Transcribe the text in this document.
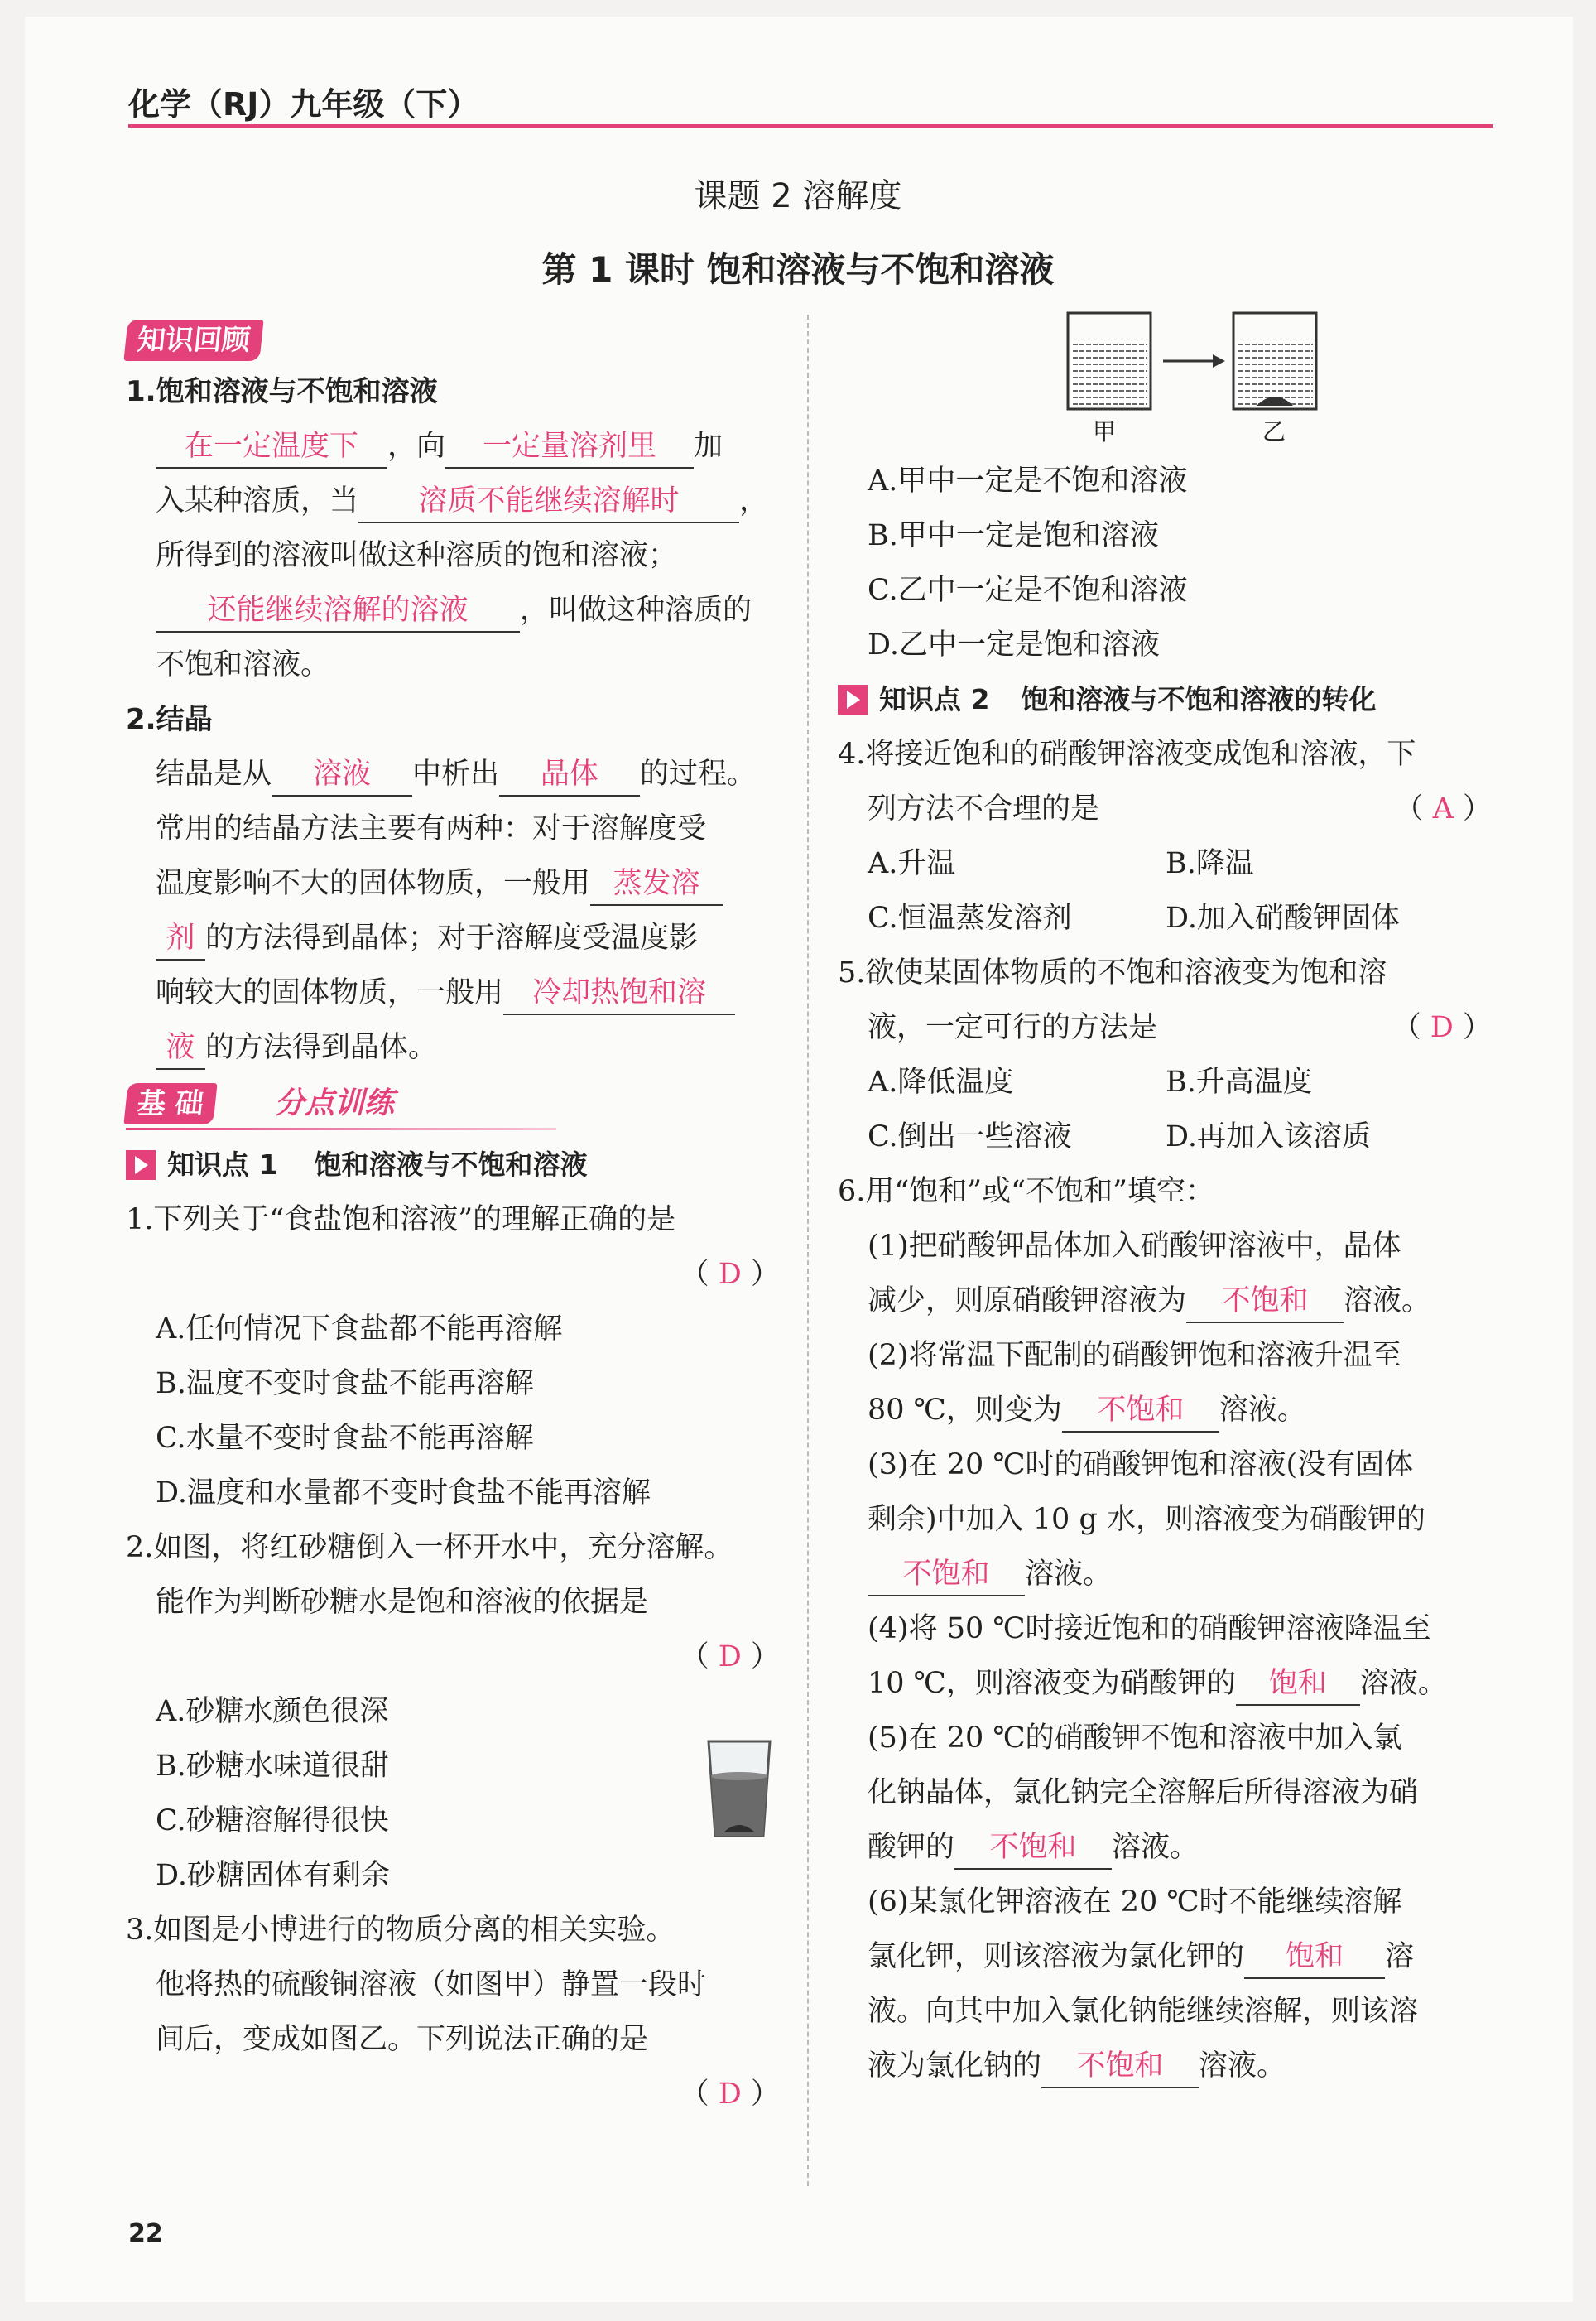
化学（RJ）九年级（下）
课题 2 溶解度
第 1 课时 饱和溶液与不饱和溶液
知识回顾

1.饱和溶液与不饱和溶液

在一定温度下 ，向 一定量溶剂里 加

入某种溶质，当 溶质不能继续溶解时 ，

所得到的溶液叫做这种溶质的饱和溶液；

还能继续溶解的溶液 ，叫做这种溶质的

不饱和溶液。

2.结晶

结晶是从 溶液 中析出 晶体 的过程。

常用的结晶方法主要有两种：对于溶解度受

温度影响不大的固体物质，一般用 蒸发溶

剂 的方法得到晶体；对于溶解度受温度影

响较大的固体物质，一般用 冷却热饱和溶

液 的方法得到晶体。

基 础	分点训练
知识点 1 饱和溶液与不饱和溶液

1.下列关于“食盐饱和溶液”的理解正确的是

（ D ）

A.任何情况下食盐都不能再溶解

B.温度不变时食盐不能再溶解

C.水量不变时食盐不能再溶解

D.温度和水量都不变时食盐不能再溶解

2.如图，将红砂糖倒入一杯开水中，充分溶解。

能作为判断砂糖水是饱和溶液的依据是

（ D ）

A.砂糖水颜色很深

B.砂糖水味道很甜

C.砂糖溶解得很快

D.砂糖固体有剩余

3.如图是小博进行的物质分离的相关实验。

他将热的硫酸铜溶液（如图甲）静置一段时

间后，变成如图乙。下列说法正确的是

（ D ）

甲	乙

A.甲中一定是不饱和溶液

B.甲中一定是饱和溶液

C.乙中一定是不饱和溶液

D.乙中一定是饱和溶液

知识点 2 饱和溶液与不饱和溶液的转化

4.将接近饱和的硝酸钾溶液变成饱和溶液，下

列方法不合理的是	（ A ）

A.升温	B.降温

C.恒温蒸发溶剂	D.加入硝酸钾固体

5.欲使某固体物质的不饱和溶液变为饱和溶

液，一定可行的方法是	（ D ）

A.降低温度	B.升高温度

C.倒出一些溶液	D.再加入该溶质

6.用“饱和”或“不饱和”填空：

(1)把硝酸钾晶体加入硝酸钾溶液中，晶体

减少，则原硝酸钾溶液为 不饱和 溶液。

(2)将常温下配制的硝酸钾饱和溶液升温至

80 ℃，则变为 不饱和 溶液。

(3)在 20 ℃时的硝酸钾饱和溶液(没有固体

剩余)中加入 10 g 水，则溶液变为硝酸钾的

不饱和 溶液。

(4)将 50 ℃时接近饱和的硝酸钾溶液降温至

10 ℃，则溶液变为硝酸钾的 饱和 溶液。

(5)在 20 ℃的硝酸钾不饱和溶液中加入氯

化钠晶体，氯化钠完全溶解后所得溶液为硝

酸钾的 不饱和 溶液。

(6)某氯化钾溶液在 20 ℃时不能继续溶解

氯化钾，则该溶液为氯化钾的 饱和 溶

液。向其中加入氯化钠能继续溶解，则该溶

液为氯化钠的 不饱和 溶液。

22
